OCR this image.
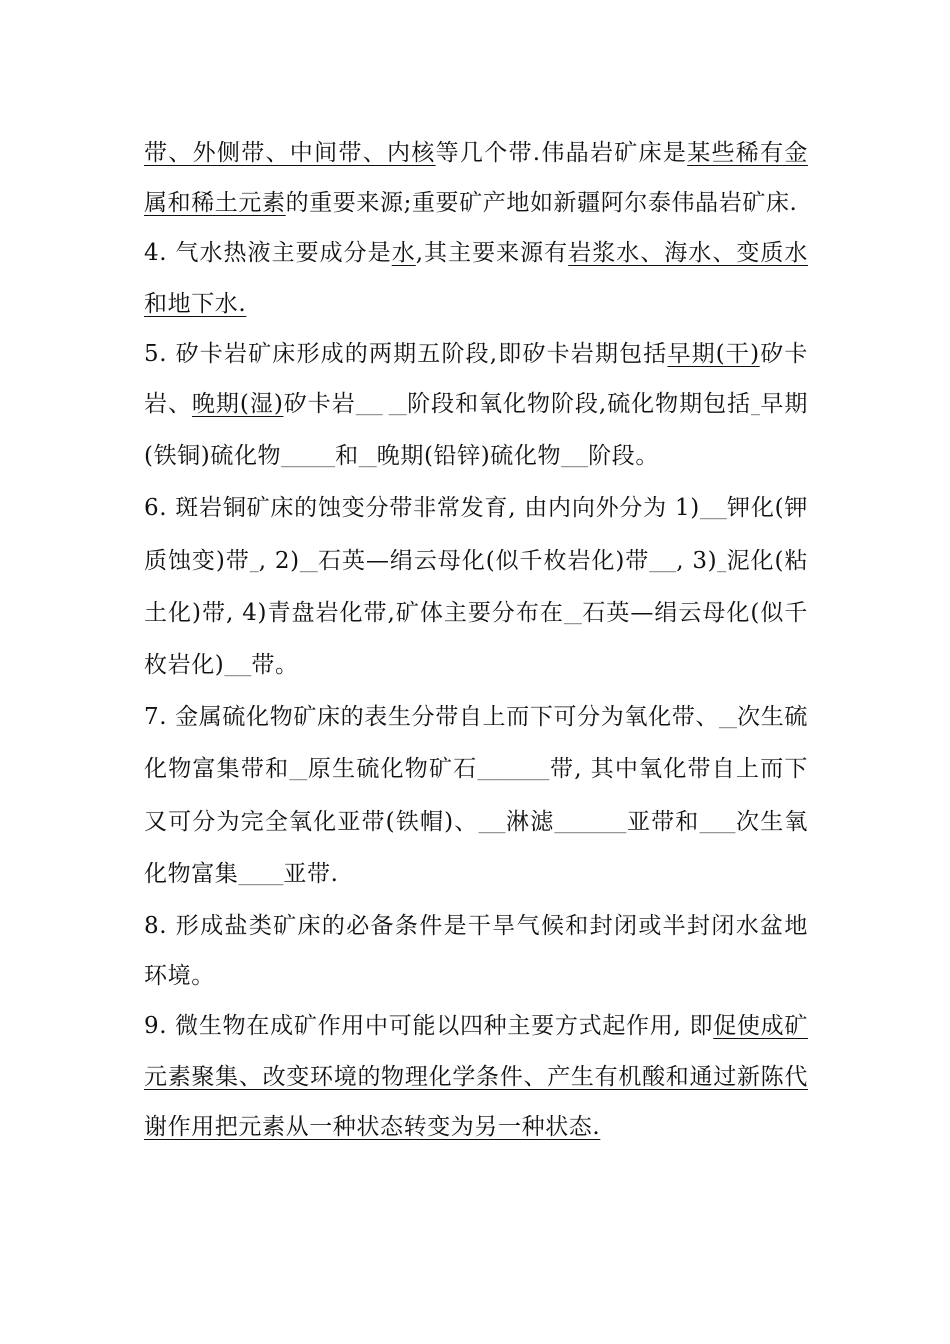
带、外侧带、中间带、内核等几个带.伟晶岩矿床是某些稀有金属和稀土元素的重要来源;重要矿产地如新疆阿尔泰伟晶岩矿床.

4. 气水热液主要成分是水,其主要来源有岩浆水、海水、变质水和地下水.

5. 矽卡岩矿床形成的两期五阶段,即矽卡岩期包括早期(干)矽卡岩、晚期(湿)矽卡岩___ __阶段和氧化物阶段,硫化物期包括_早期(铁铜)硫化物______和__晚期(铅锌)硫化物___阶段。

6. 斑岩铜矿床的蚀变分带非常发育, 由内向外分为 1)___钾化(钾质蚀变)带_, 2)__石英—绢云母化(似千枚岩化)带___, 3)_泥化(粘土化)带, 4)青盘岩化带,矿体主要分布在__石英—绢云母化(似千枚岩化)___带。

7. 金属硫化物矿床的表生分带自上而下可分为氧化带、__次生硫化物富集带和__原生硫化物矿石________带, 其中氧化带自上而下又可分为完全氧化亚带(铁帽)、___淋滤________亚带和____次生氧化物富集_____亚带.

8. 形成盐类矿床的必备条件是干旱气候和封闭或半封闭水盆地环境。

9. 微生物在成矿作用中可能以四种主要方式起作用, 即促使成矿元素聚集、改变环境的物理化学条件、产生有机酸和通过新陈代谢作用把元素从一种状态转变为另一种状态.
